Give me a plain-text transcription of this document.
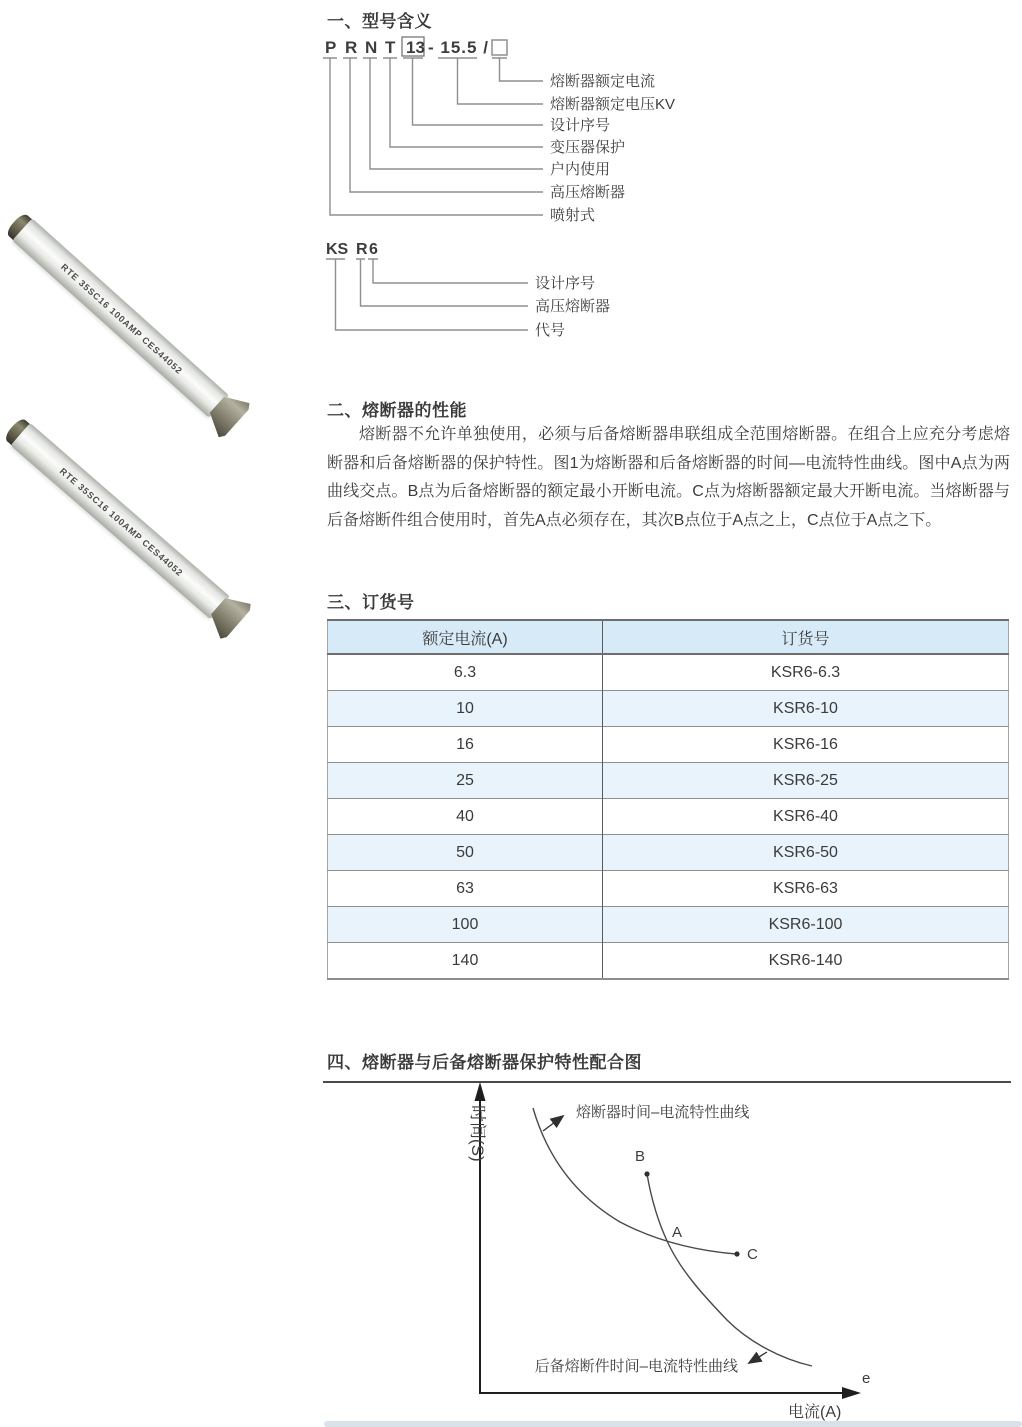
RTE 35SC16 100AMP CES44052
RTE 35SC16 100AMP CES44052
一、型号含义
P R N T 13 - 15.5 /
熔断器额定电流
熔断器额定电压KV
设计序号
变压器保护
户内使用
高压熔断器
喷射式
KS R 6
设计序号
高压熔断器
代号
二、熔断器的性能

熔断器不允许单独使用，必须与后备熔断器串联组成全范围熔断器。在组合上应充分考虑熔断器和后备熔断器的保护特性。图1为熔断器和后备熔断器的时间—电流特性曲线。图中A点为两曲线交点。B点为后备熔断器的额定最小开断电流。C点为熔断器额定最大开断电流。当熔断器与后备熔断件组合使用时，首先A点必须存在，其次B点位于A点之上，C点位于A点之下。

三、订货号
额定电流(A)	订货号
6.3	KSR6-6.3
10	KSR6-10
16	KSR6-16
25	KSR6-25
40	KSR6-40
50	KSR6-50
63	KSR6-63
100	KSR6-100
140	KSR6-140
四、熔断器与后备熔断器保护特性配合图
时间(S)
电流(A)
C
B
A
e
熔断器时间–电流特性曲线
后备熔断件时间–电流特性曲线
